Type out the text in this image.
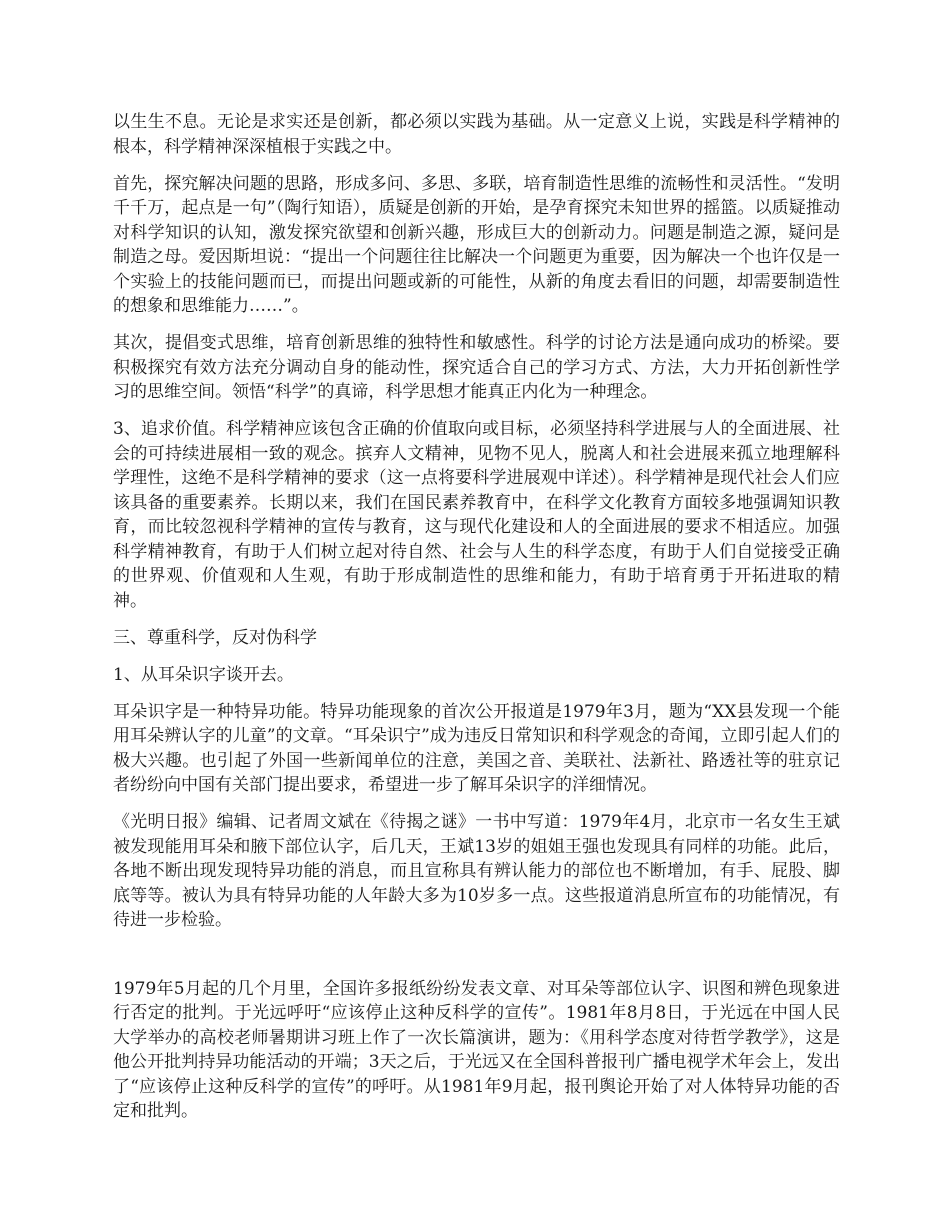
以生生不息。无论是求实还是创新，都必须以实践为基础。从一定意义上说，实践是科学精神的根本，科学精神深深植根于实践之中。

首先，探究解决问题的思路，形成多问、多思、多联，培育制造性思维的流畅性和灵活性。“发明千千万，起点是一句”（陶行知语），质疑是创新的开始，是孕育探究未知世界的摇篮。以质疑推动对科学知识的认知，激发探究欲望和创新兴趣，形成巨大的创新动力。问题是制造之源，疑问是制造之母。爱因斯坦说：“提出一个问题往往比解决一个问题更为重要，因为解决一个也许仅是一个实验上的技能问题而已，而提出问题或新的可能性，从新的角度去看旧的问题，却需要制造性的想象和思维能力……”。

其次，提倡变式思维，培育创新思维的独特性和敏感性。科学的讨论方法是通向成功的桥梁。要积极探究有效方法充分调动自身的能动性，探究适合自己的学习方式、方法，大力开拓创新性学习的思维空间。领悟“科学”的真谛，科学思想才能真正内化为一种理念。

3、追求价值。科学精神应该包含正确的价值取向或目标，必须坚持科学进展与人的全面进展、社会的可持续进展相一致的观念。摈弃人文精神，见物不见人，脱离人和社会进展来孤立地理解科学理性，这绝不是科学精神的要求（这一点将要科学进展观中详述）。科学精神是现代社会人们应该具备的重要素养。长期以来，我们在国民素养教育中，在科学文化教育方面较多地强调知识教育，而比较忽视科学精神的宣传与教育，这与现代化建设和人的全面进展的要求不相适应。加强科学精神教育，有助于人们树立起对待自然、社会与人生的科学态度，有助于人们自觉接受正确的世界观、价值观和人生观，有助于形成制造性的思维和能力，有助于培育勇于开拓进取的精神。

三、尊重科学，反对伪科学

1、从耳朵识字谈开去。

耳朵识字是一种特异功能。特异功能现象的首次公开报道是1979年3月，题为“XX县发现一个能用耳朵辨认字的儿童”的文章。“耳朵识宁”成为违反日常知识和科学观念的奇闻，立即引起人们的极大兴趣。也引起了外国一些新闻单位的注意，美国之音、美联社、法新社、路透社等的驻京记者纷纷向中国有关部门提出要求，希望进一步了解耳朵识字的洋细情况。

《光明日报》编辑、记者周文斌在《待揭之谜》一书中写道：1979年4月，北京市一名女生王斌被发现能用耳朵和腋下部位认字，后几天，王斌13岁的姐姐王强也发现具有同样的功能。此后，各地不断出现发现特异功能的消息，而且宣称具有辨认能力的部位也不断增加，有手、屁股、脚底等等。被认为具有特异功能的人年龄大多为10岁多一点。这些报道消息所宣布的功能情况，有待进一步检验。

1979年5月起的几个月里，全国许多报纸纷纷发表文章、对耳朵等部位认字、识图和辨色现象进行否定的批判。于光远呼吁“应该停止这种反科学的宣传”。1981年8月8日，于光远在中国人民大学举办的高校老师暑期讲习班上作了一次长篇演讲，题为：《用科学态度对待哲学教学》，这是他公开批判持异功能活动的开端；3天之后，于光远又在全国科普报刊广播电视学术年会上，发出了“应该停止这种反科学的宣传”的呼吁。从1981年9月起，报刊舆论开始了对人体特异功能的否定和批判。
